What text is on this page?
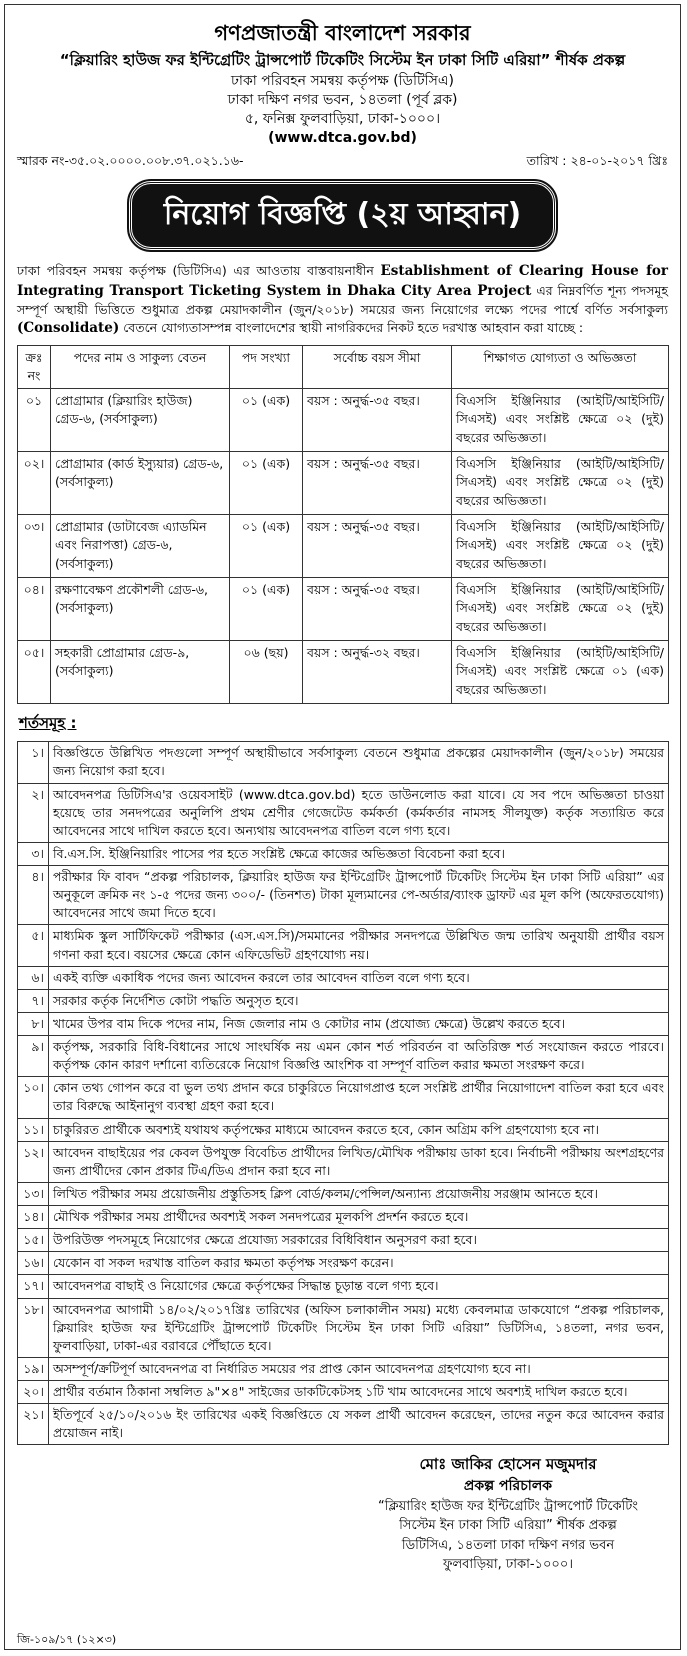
গণপ্রজাতন্ত্রী বাংলাদেশ সরকার
“ক্লিয়ারিং হাউজ ফর ইন্টিগ্রেটিং ট্রান্সপোর্ট টিকেটিং সিস্টেম ইন ঢাকা সিটি এরিয়া” শীর্ষক প্রকল্প
ঢাকা পরিবহন সমন্বয় কর্তৃপক্ষ (ডিটিসিএ)
ঢাকা দক্ষিণ নগর ভবন, ১৪তলা (পূর্ব ব্লক)
৫, ফনিক্স ফুলবাড়িয়া, ঢাকা-১০০০।
(www.dtca.gov.bd)
স্মারক নং-৩৫.০২.০০০০.০০৮.৩৭.০২১.১৬-	তারিখ : ২৪-০১-২০১৭ খ্রিঃ
নিয়োগ বিজ্ঞপ্তি (২য় আহ্বান)
ঢাকা পরিবহন সমন্বয় কর্তৃপক্ষ (ডিটিসিএ) এর আওতায় বাস্তবায়নাধীন Establishment of Clearing House for Integrating Transport Ticketing System in Dhaka City Area Project এর নিম্নবর্ণিত শূন্য পদসমূহ সম্পূর্ণ অস্থায়ী ভিত্তিতে শুধুমাত্র প্রকল্প মেয়াদকালীন (জুন/২০১৮) সময়ের জন্য নিয়োগের লক্ষ্যে পদের পার্শ্বে বর্ণিত সর্বসাকুল্য (Consolidate) বেতনে যোগ্যতাসম্পন্ন বাংলাদেশের স্থায়ী নাগরিকদের নিকট হতে দরখাস্ত আহবান করা যাচ্ছে :
ক্রঃ নং	পদের নাম ও সাকুল্য বেতন	পদ সংখ্যা	সর্বোচ্চ বয়স সীমা	শিক্ষাগত যোগ্যতা ও অভিজ্ঞতা
০১	প্রোগ্রামার (ক্লিয়ারিং হাউজ) গ্রেড-৬, (সর্বসাকুল্য)	০১ (এক)	বয়স : অনুর্দ্ধ-৩৫ বছর।	বিএসসি ইঞ্জিনিয়ার (আইটি/আইসিটি/ সিএসই) এবং সংশ্লিষ্ট ক্ষেত্রে ০২ (দুই) বছরের অভিজ্ঞতা।
০২।	প্রোগ্রামার (কার্ড ইস্যুয়ার) গ্রেড-৬, (সর্বসাকুল্য)	০১ (এক)	বয়স : অনুর্দ্ধ-৩৫ বছর।	বিএসসি ইঞ্জিনিয়ার (আইটি/আইসিটি/ সিএসই) এবং সংশ্লিষ্ট ক্ষেত্রে ০২ (দুই) বছরের অভিজ্ঞতা।
০৩।	প্রোগ্রামার (ডাটাবেজ এ্যাডমিন এবং নিরাপত্তা) গ্রেড-৬, (সর্বসাকুল্য)	০১ (এক)	বয়স : অনুর্দ্ধ-৩৫ বছর।	বিএসসি ইঞ্জিনিয়ার (আইটি/আইসিটি/ সিএসই) এবং সংশ্লিষ্ট ক্ষেত্রে ০২ (দুই) বছরের অভিজ্ঞতা।
০৪।	রক্ষণাবেক্ষণ প্রকৌশলী গ্রেড-৬, (সর্বসাকুল্য)	০১ (এক)	বয়স : অনুর্দ্ধ-৩৫ বছর।	বিএসসি ইঞ্জিনিয়ার (আইটি/আইসিটি/ সিএসই) এবং সংশ্লিষ্ট ক্ষেত্রে ০২ (দুই) বছরের অভিজ্ঞতা।
০৫।	সহকারী প্রোগ্রামার গ্রেড-৯, (সর্বসাকুল্য)	০৬ (ছয়)	বয়স : অনুর্দ্ধ-৩২ বছর।	বিএসসি ইঞ্জিনিয়ার (আইটি/আইসিটি/ সিএসই) এবং সংশ্লিষ্ট ক্ষেত্রে ০১ (এক) বছরের অভিজ্ঞতা।
শর্তসমূহ :
১।	বিজ্ঞপ্তিতে উল্লিখিত পদগুলো সম্পূর্ণ অস্থায়ীভাবে সর্বসাকুল্য বেতনে শুধুমাত্র প্রকল্পের মেয়াদকালীন (জুন/২০১৮) সময়ের জন্য নিয়োগ করা হবে।
২।	আবেদনপত্র ডিটিসিএ'র ওয়েবসাইট (www.dtca.gov.bd) হতে ডাউনলোড করা যাবে। যে সব পদে অভিজ্ঞতা চাওয়া হয়েছে তার সনদপত্রের অনুলিপি প্রথম শ্রেণীর গেজেটেড কর্মকর্তা (কর্মকর্তার নামসহ সীলযুক্ত) কর্তৃক সত্যায়িত করে আবেদনের সাথে দাখিল করতে হবে। অন্যথায় আবেদনপত্র বাতিল বলে গণ্য হবে।
৩।	বি.এস.সি. ইঞ্জিনিয়ারিং পাসের পর হতে সংশ্লিষ্ট ক্ষেত্রে কাজের অভিজ্ঞতা বিবেচনা করা হবে।
৪।	পরীক্ষার ফি বাবদ “প্রকল্প পরিচালক, ক্লিয়ারিং হাউজ ফর ইন্টিগ্রেটিং ট্রান্সপোর্ট টিকেটিং সিস্টেম ইন ঢাকা সিটি এরিয়া” এর অনুকূলে ক্রমিক নং ১-৫ পদের জন্য ৩০০/- (তিনশত) টাকা মূল্যমানের পে-অর্ডার/ব্যাংক ড্রাফট এর মূল কপি (অফেরতযোগ্য) আবেদনের সাথে জমা দিতে হবে।
৫।	মাধ্যমিক স্কুল সার্টিফিকেট পরীক্ষার (এস.এস.সি)/সমমানের পরীক্ষার সনদপত্রে উল্লিখিত জন্ম তারিখ অনুযায়ী প্রার্থীর বয়স গণনা করা হবে। বয়সের ক্ষেত্রে কোন এফিডেভিট গ্রহণযোগ্য নয়।
৬।	একই ব্যক্তি একাধিক পদের জন্য আবেদন করলে তার আবেদন বাতিল বলে গণ্য হবে।
৭।	সরকার কর্তৃক নির্দেশিত কোটা পদ্ধতি অনুসৃত হবে।
৮।	খামের উপর বাম দিকে পদের নাম, নিজ জেলার নাম ও কোটার নাম (প্রযোজ্য ক্ষেত্রে) উল্লেখ করতে হবে।
৯।	কর্তৃপক্ষ, সরকারি বিধি-বিধানের সাথে সাংঘর্ষিক নয় এমন কোন শর্ত পরিবর্তন বা অতিরিক্ত শর্ত সংযোজন করতে পারবে। কর্তৃপক্ষ কোন কারণ দর্শানো ব্যতিরেকে নিয়োগ বিজ্ঞপ্তি আংশিক বা সম্পূর্ণ বাতিল করার ক্ষমতা সংরক্ষণ করে।
১০।	কোন তথ্য গোপন করে বা ভুল তথ্য প্রদান করে চাকুরিতে নিয়োগপ্রাপ্ত হলে সংশ্লিষ্ট প্রার্থীর নিয়োগাদেশ বাতিল করা হবে এবং তার বিরুদ্ধে আইনানুগ ব্যবস্থা গ্রহণ করা হবে।
১১।	চাকুরিরত প্রার্থীকে অবশ্যই যথাযথ কর্তৃপক্ষের মাধ্যমে আবেদন করতে হবে, কোন অগ্রিম কপি গ্রহণযোগ্য হবে না।
১২।	আবেদন বাছাইয়ের পর কেবল উপযুক্ত বিবেচিত প্রার্থীদের লিখিত/মৌখিক পরীক্ষায় ডাকা হবে। নির্বাচনী পরীক্ষায় অংশগ্রহণের জন্য প্রার্থীদের কোন প্রকার টিএ/ডিএ প্রদান করা হবে না।
১৩।	লিখিত পরীক্ষার সময় প্রয়োজনীয় প্রস্তুতিসহ ক্লিপ বোর্ড/কলম/পেন্সিল/অন্যান্য প্রয়োজনীয় সরঞ্জাম আনতে হবে।
১৪।	মৌখিক পরীক্ষার সময় প্রার্থীদের অবশ্যই সকল সনদপত্রের মূলকপি প্রদর্শন করতে হবে।
১৫।	উপরিউক্ত পদসমূহে নিয়োগের ক্ষেত্রে প্রযোজ্য সরকারের বিধিবিধান অনুসরণ করা হবে।
১৬।	যেকোন বা সকল দরখাস্ত বাতিল করার ক্ষমতা কর্তৃপক্ষ সংরক্ষণ করেন।
১৭।	আবেদনপত্র বাছাই ও নিয়োগের ক্ষেত্রে কর্তৃপক্ষের সিদ্ধান্ত চূড়ান্ত বলে গণ্য হবে।
১৮।	আবেদনপত্র আগামী ১৪/০২/২০১৭খ্রিঃ তারিখের (অফিস চলাকালীন সময়) মধ্যে কেবলমাত্র ডাকযোগে “প্রকল্প পরিচালক, ক্লিয়ারিং হাউজ ফর ইন্টিগ্রেটিং ট্রান্সপোর্ট টিকেটিং সিস্টেম ইন ঢাকা সিটি এরিয়া” ডিটিসিএ, ১৪তলা, নগর ভবন, ফুলবাড়িয়া, ঢাকা-এর বরাবরে পৌঁছাতে হবে।
১৯।	অসম্পূর্ণ/ক্রটিপূর্ণ আবেদনপত্র বা নির্ধারিত সময়ের পর প্রাপ্ত কোন আবেদনপত্র গ্রহণযোগ্য হবে না।
২০।	প্রার্থীর বর্তমান ঠিকানা সম্বলিত ৯"×৪" সাইজের ডাকটিকেটসহ ১টি খাম আবেদনের সাথে অবশ্যই দাখিল করতে হবে।
২১।	ইতিপূর্বে ২৫/১০/২০১৬ ইং তারিখের একই বিজ্ঞপ্তিতে যে সকল প্রার্থী আবেদন করেছেন, তাদের নতুন করে আবেদন করার প্রয়োজন নাই।
মোঃ জাকির হোসেন মজুমদার
প্রকল্প পরিচালক
“ক্লিয়ারিং হাউজ ফর ইন্টিগ্রেটিং ট্রান্সপোর্ট টিকেটিং
সিস্টেম ইন ঢাকা সিটি এরিয়া” শীর্ষক প্রকল্প
ডিটিসিএ, ১৪তলা ঢাকা দক্ষিণ নগর ভবন
ফুলবাড়িয়া, ঢাকা-১০০০।
জি-১০৯/১৭ (১২×৩)
